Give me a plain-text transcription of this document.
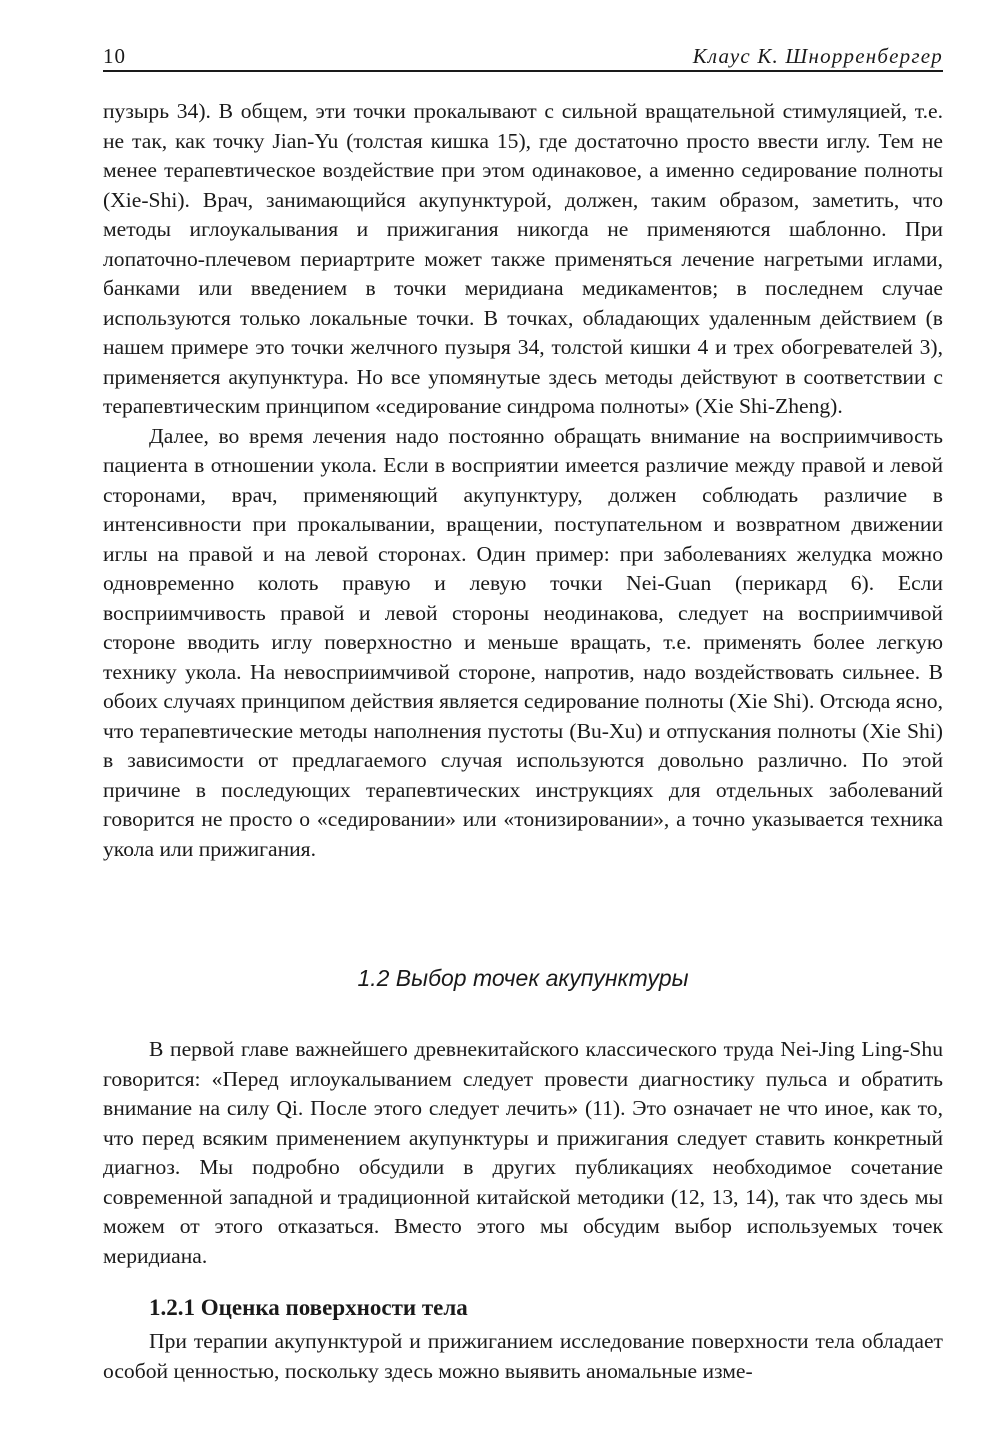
10	Клаус К. Шнорренбергер

пузырь 34). В общем, эти точки прокалывают с сильной вращательной стимуляцией, т.е. не так, как точку Jian-Yu (толстая кишка 15), где достаточно просто ввести иглу. Тем не менее терапевтическое воздействие при этом одинаковое, а именно седирование полноты (Xie-Shi). Врач, занимающийся акупунктурой, должен, таким образом, заметить, что методы иглоукалывания и прижигания никогда не применяются шаблонно. При лопаточно-плечевом периартрите может также применяться лечение нагретыми иглами, банками или введением в точки меридиана медикаментов; в последнем случае используются только локальные точки. В точках, обладающих удаленным действием (в нашем примере это точки желчного пузыря 34, толстой кишки 4 и трех обогревателей 3), применяется акупунктура. Но все упомянутые здесь методы действуют в соответствии с терапевтическим принципом «седирование синдрома полноты» (Xie Shi-Zheng).

Далее, во время лечения надо постоянно обращать внимание на восприимчивость пациента в отношении укола. Если в восприятии имеется различие между правой и левой сторонами, врач, применяющий акупунктуру, должен соблюдать различие в интенсивности при прокалывании, вращении, поступательном и возвратном движении иглы на правой и на левой сторонах. Один пример: при заболеваниях желудка можно одновременно колоть правую и левую точки Nei-Guan (перикард 6). Если восприимчивость правой и левой стороны неодинакова, следует на восприимчивой стороне вводить иглу поверхностно и меньше вращать, т.е. применять более легкую технику укола. На невосприимчивой стороне, напротив, надо воздействовать сильнее. В обоих случаях принципом действия является седирование полноты (Xie Shi). Отсюда ясно, что терапевтические методы наполнения пустоты (Bu-Xu) и отпускания полноты (Xie Shi) в зависимости от предлагаемого случая используются довольно различно. По этой причине в последующих терапевтических инструкциях для отдельных заболеваний говорится не просто о «седировании» или «тонизировании», а точно указывается техника укола или прижигания.

1.2 Выбор точек акупунктуры

В первой главе важнейшего древнекитайского классического труда Nei-Jing Ling-Shu говорится: «Перед иглоукалыванием следует провести диагностику пульса и обратить внимание на силу Qi. После этого следует лечить» (11). Это означает не что иное, как то, что перед всяким применением акупунктуры и прижигания следует ставить конкретный диагноз. Мы подробно обсудили в других публикациях необходимое сочетание современной западной и традиционной китайской методики (12, 13, 14), так что здесь мы можем от этого отказаться. Вместо этого мы обсудим выбор используемых точек меридиана.

1.2.1 Оценка поверхности тела

При терапии акупунктурой и прижиганием исследование поверхности тела обладает особой ценностью, поскольку здесь можно выявить аномальные изме-
